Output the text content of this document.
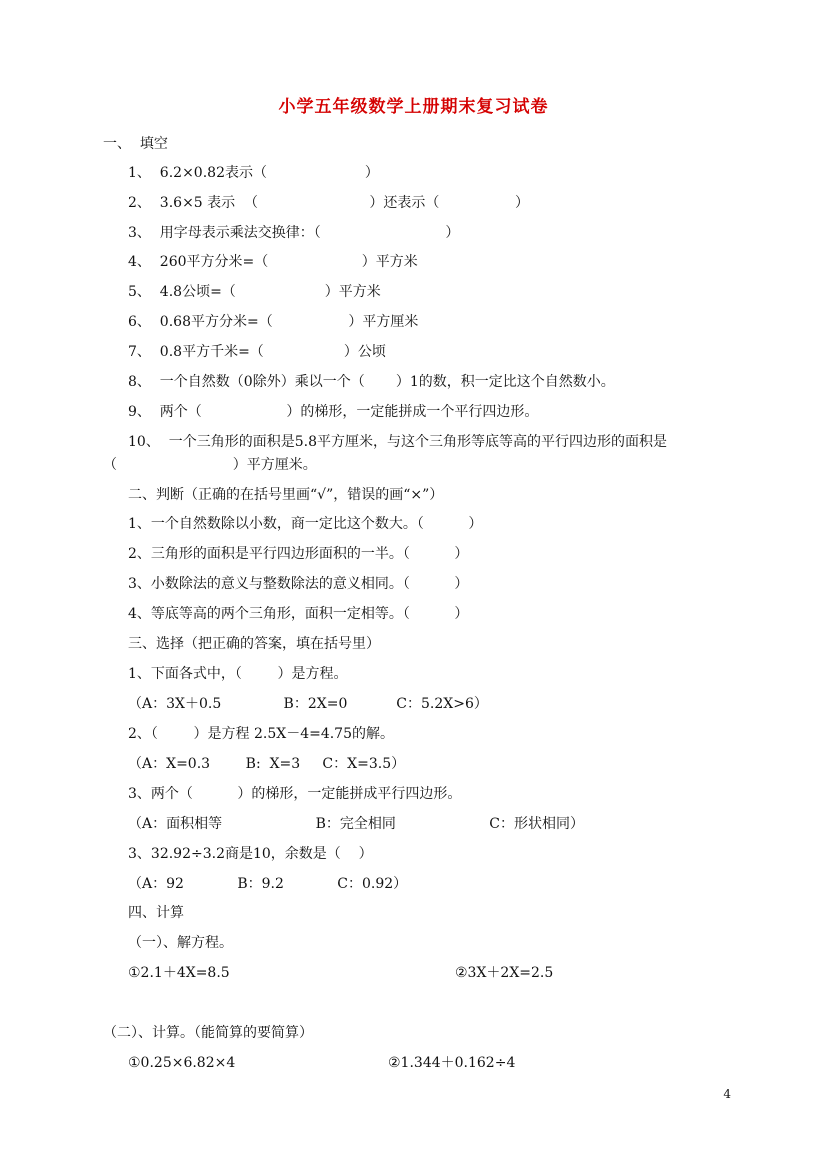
小学五年级数学上册期末复习试卷
一、  填空
1、  6.2×0.82表示（                      ）
2、  3.6×5 表示  （                         ）还表示（                 ）
3、  用字母表示乘法交换律：（                            ）
4、  260平方分米=（                     ）平方米
5、  4.8公顷=（                    ）平方米
6、  0.68平方分米=（                 ）平方厘米
7、  0.8平方千米=（                  ）公顷
8、  一个自然数（0除外）乘以一个（       ）1的数，积一定比这个自然数小。
9、  两个（                   ）的梯形，一定能拼成一个平行四边形。
10、  一个三角形的面积是5.8平方厘米，与这个三角形等底等高的平行四边形的面积是
（                          ）平方厘米。
二、判断（正确的在括号里画“√”，错误的画“×”）
1、一个自然数除以小数，商一定比这个数大。（          ）
2、三角形的面积是平行四边形面积的一半。（          ）
3、小数除法的意义与整数除法的意义相同。（          ）
4、等底等高的两个三角形，面积一定相等。（          ）
三、选择（把正确的答案，填在括号里）
1、下面各式中，（        ）是方程。
（A：3X＋0.5              B：2X=0           C：5.2X>6）
2、（        ）是方程 2.5X－4=4.75的解。
（A：X=0.3        B:  X=3     C：X=3.5）
3、两个（          ）的梯形，一定能拼成平行四边形。
（A：面积相等                     B：完全相同                     C：形状相同）
3、32.92÷3.2商是10，余数是（    ）
（A：92            B：9.2            C：0.92）
四、计算
（一）、解方程。
①2.1＋4X=8.5	②3X＋2X=2.5
（二）、计算。（能简算的要简算）
①0.25×6.82×4	②1.344＋0.162÷4
4
